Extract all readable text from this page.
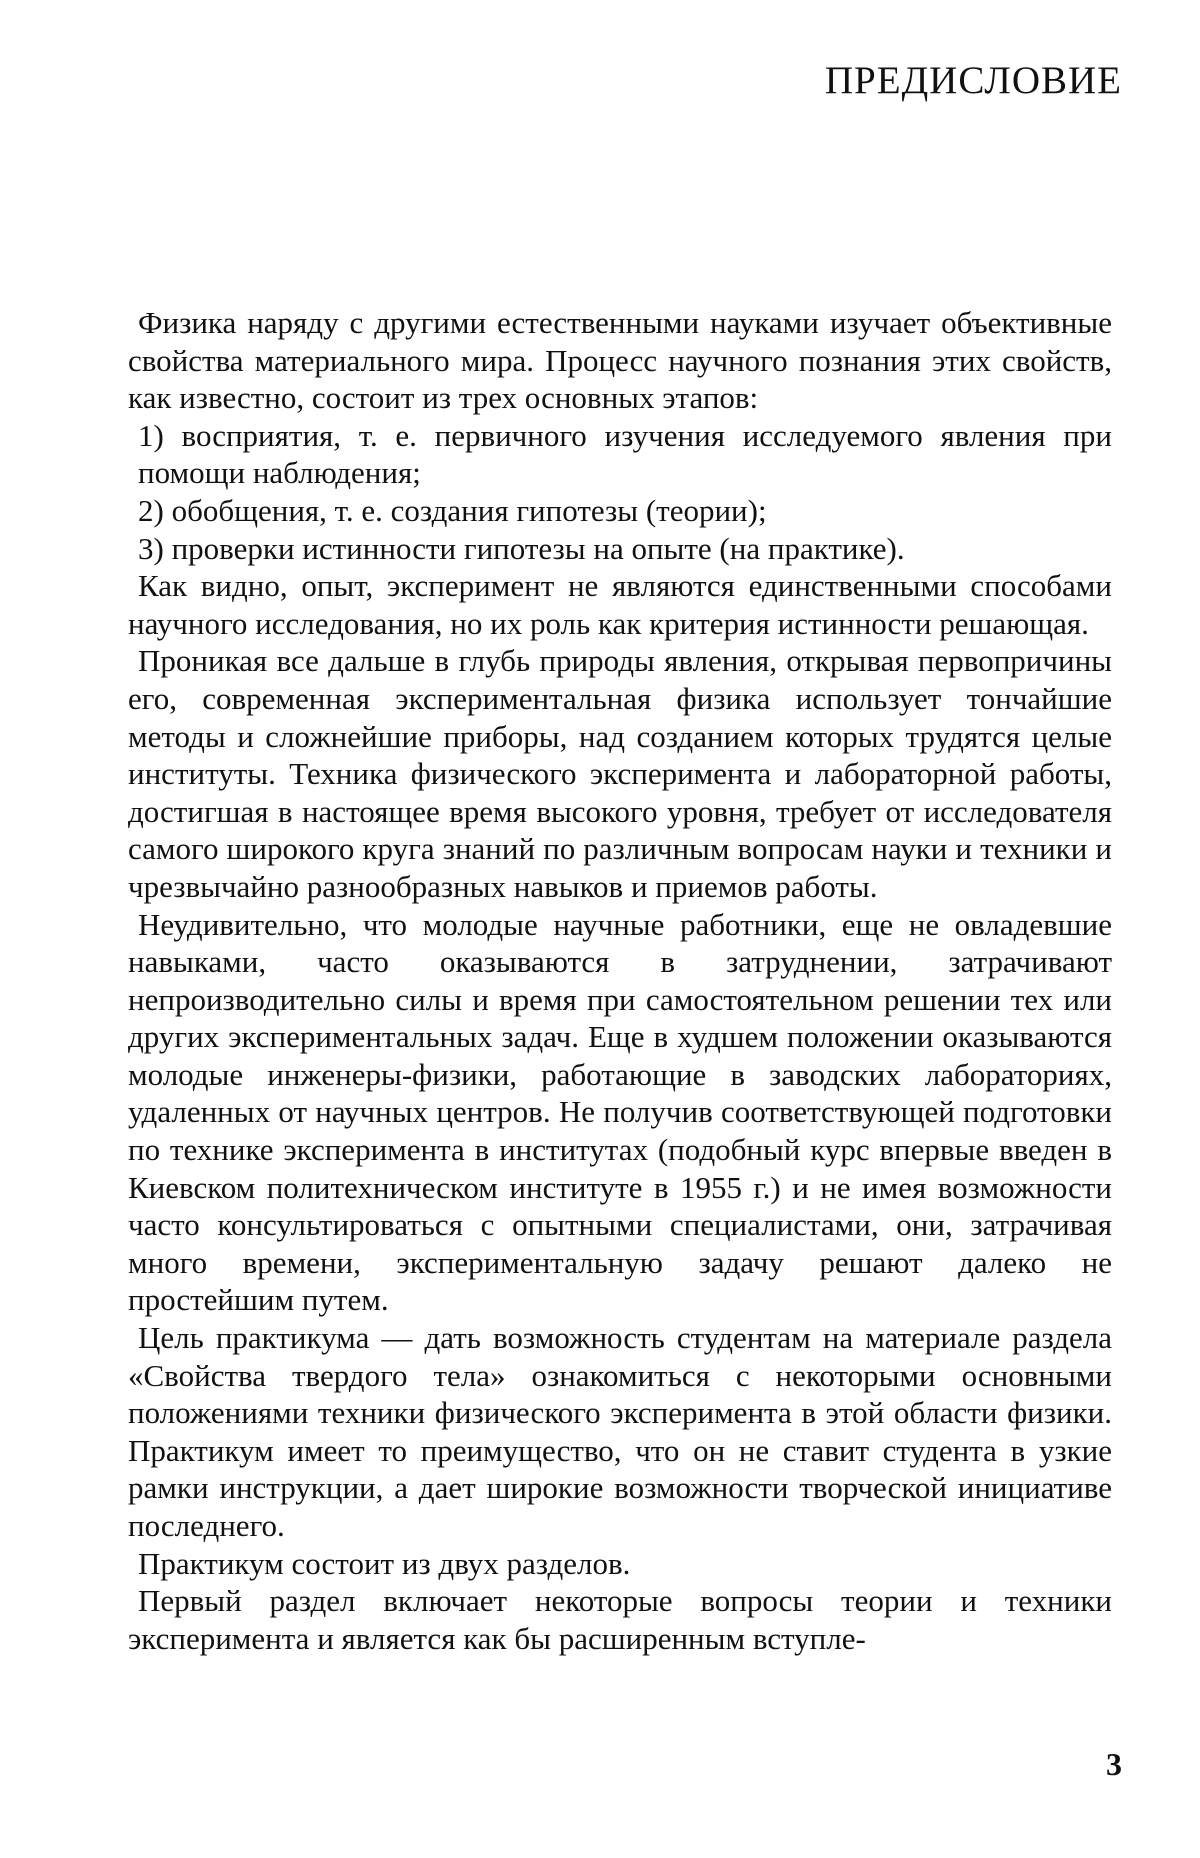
ПРЕДИСЛОВИЕ

Физика наряду с другими естественными науками изучает объективные свойства материального мира. Процесс научного познания этих свойств, как известно, состоит из трех основных этапов:

1) восприятия, т. е. первичного изучения исследуемого явления при помощи наблюдения;

2) обобщения, т. е. создания гипотезы (теории);

3) проверки истинности гипотезы на опыте (на практике).

Как видно, опыт, эксперимент не являются единственными способами научного исследования, но их роль как критерия истинности решающая.

Проникая все дальше в глубь природы явления, открывая первопричины его, современная экспериментальная физика использует тончайшие методы и сложнейшие приборы, над созданием которых трудятся целые институты. Техника физического эксперимента и лабораторной работы, достигшая в настоящее время высокого уровня, требует от исследователя самого широкого круга знаний по различным вопросам науки и техники и чрезвычайно разнообразных навыков и приемов работы.

Неудивительно, что молодые научные работники, еще не овладевшие навыками, часто оказываются в затруднении, затрачивают непроизводительно силы и время при самостоятельном решении тех или других экспериментальных задач. Еще в худшем положении оказываются молодые инженеры-физики, работающие в заводских лабораториях, удаленных от научных центров. Не получив соответствующей подготовки по технике эксперимента в институтах (подобный курс впервые введен в Киевском политехническом институте в 1955 г.) и не имея возможности часто консультироваться с опытными специалистами, они, затрачивая много времени, экспериментальную задачу решают далеко не простейшим путем.

Цель практикума — дать возможность студентам на материале раздела «Свойства твердого тела» ознакомиться с некоторыми основными положениями техники физического эксперимента в этой области физики. Практикум имеет то преимущество, что он не ставит студента в узкие рамки инструкции, а дает широкие возможности творческой инициативе последнего.

Практикум состоит из двух разделов.

Первый раздел включает некоторые вопросы теории и техники эксперимента и является как бы расширенным вступле-

3
